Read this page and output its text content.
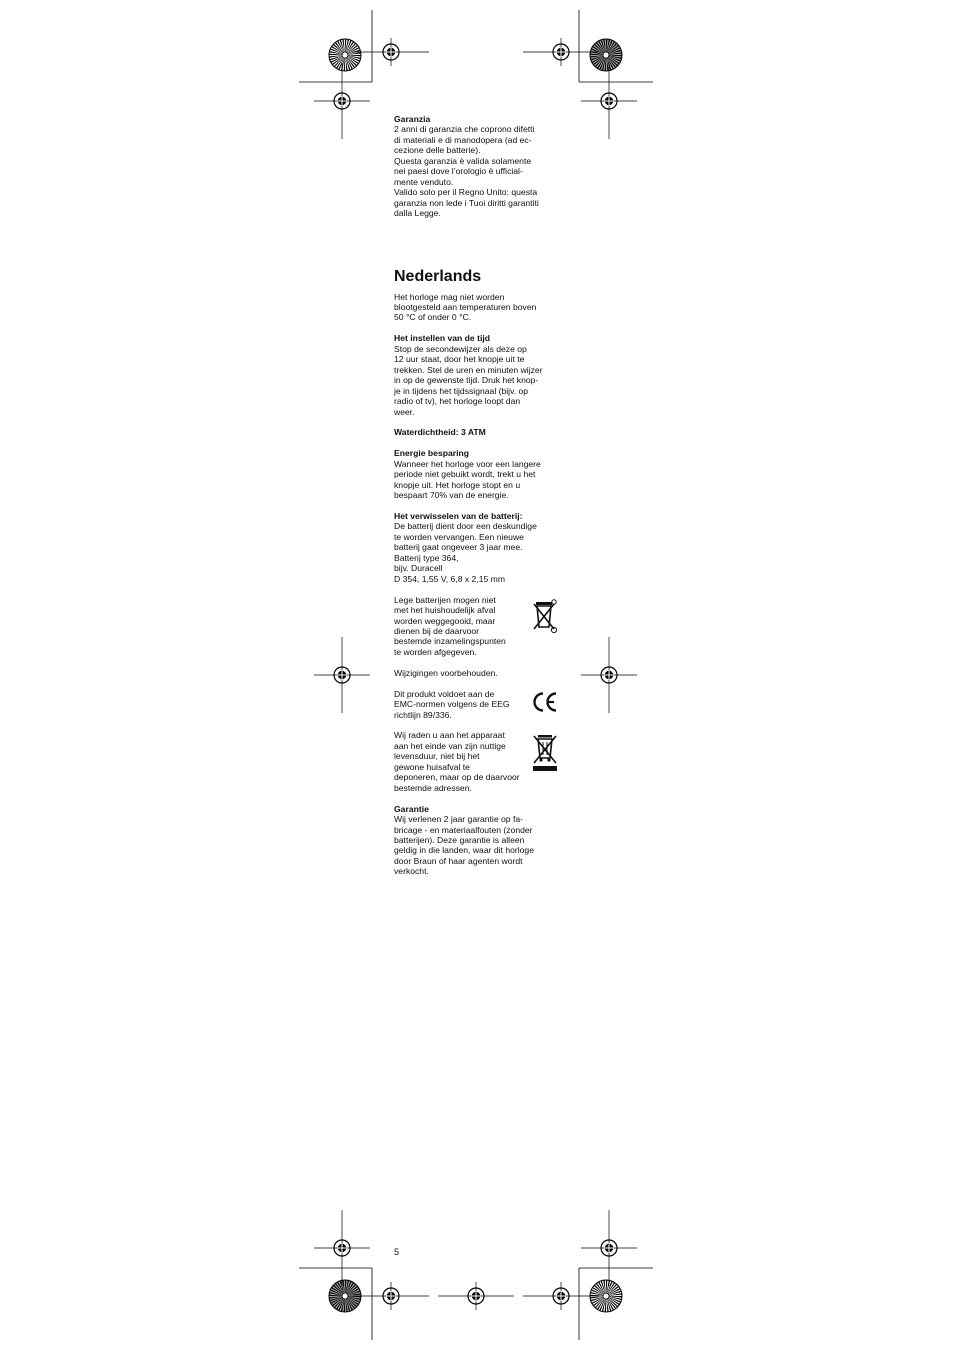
Garanzia

2 anni di garanzia che coprono difetti
di materiali e di manodopera (ad ec-
cezione delle batterie).
Questa garanzia è valida solamente
nei paesi dove l’orologio è ufficial-
mente venduto.
Valido solo per il Regno Unito: questa
garanzia non lede i Tuoi diritti garantiti
dalla Legge.

Nederlands

Het horloge mag niet worden
blootgesteld aan temperaturen boven
50 °C of onder 0 °C.

Het instellen van de tijd

Stop de secondewijzer als deze op
12 uur staat, door het knopje uit te
trekken. Stel de uren en minuten wijzer
in op de gewenste tijd. Druk het knop-
je in tijdens het tijdssignaal (bijv. op
radio of tv), het horloge loopt dan
weer.

Waterdichtheid: 3 ATM

Energie besparing

Wanneer het horloge voor een langere
periode niet gebuikt wordt, trekt u het
knopje uit. Het horloge stopt en u
bespaart 70% van de energie.

Het verwisselen van de batterij:

De batterij dient door een deskundige
te worden vervangen. Een nieuwe
batterij gaat ongeveer 3 jaar mee.
Batterij type 364,
bijv. Duracell
D 354, 1,55 V, 6,8 x 2,15 mm
Lege batterijen mogen niet
met het huishoudelijk afval
worden weggegooid, maar
dienen bij de daarvoor
bestemde inzamelingspunten
te worden afgegeven.

Wijzigingen voorbehouden.

Dit produkt voldoet aan de
EMC-normen volgens de EEG
richtlijn 89/336.
Wij raden u aan het apparaat
aan het einde van zijn nuttige
levensduur, niet bij het
gewone huisafval te
deponeren, maar op de daarvoor
bestemde adressen.

Garantie

Wij verlenen 2 jaar garantie op fa-
bricage - en materiaalfouten (zonder
batterijen). Deze garantie is alleen
geldig in die landen, waar dit horloge
door Braun of haar agenten wordt
verkocht.
5
